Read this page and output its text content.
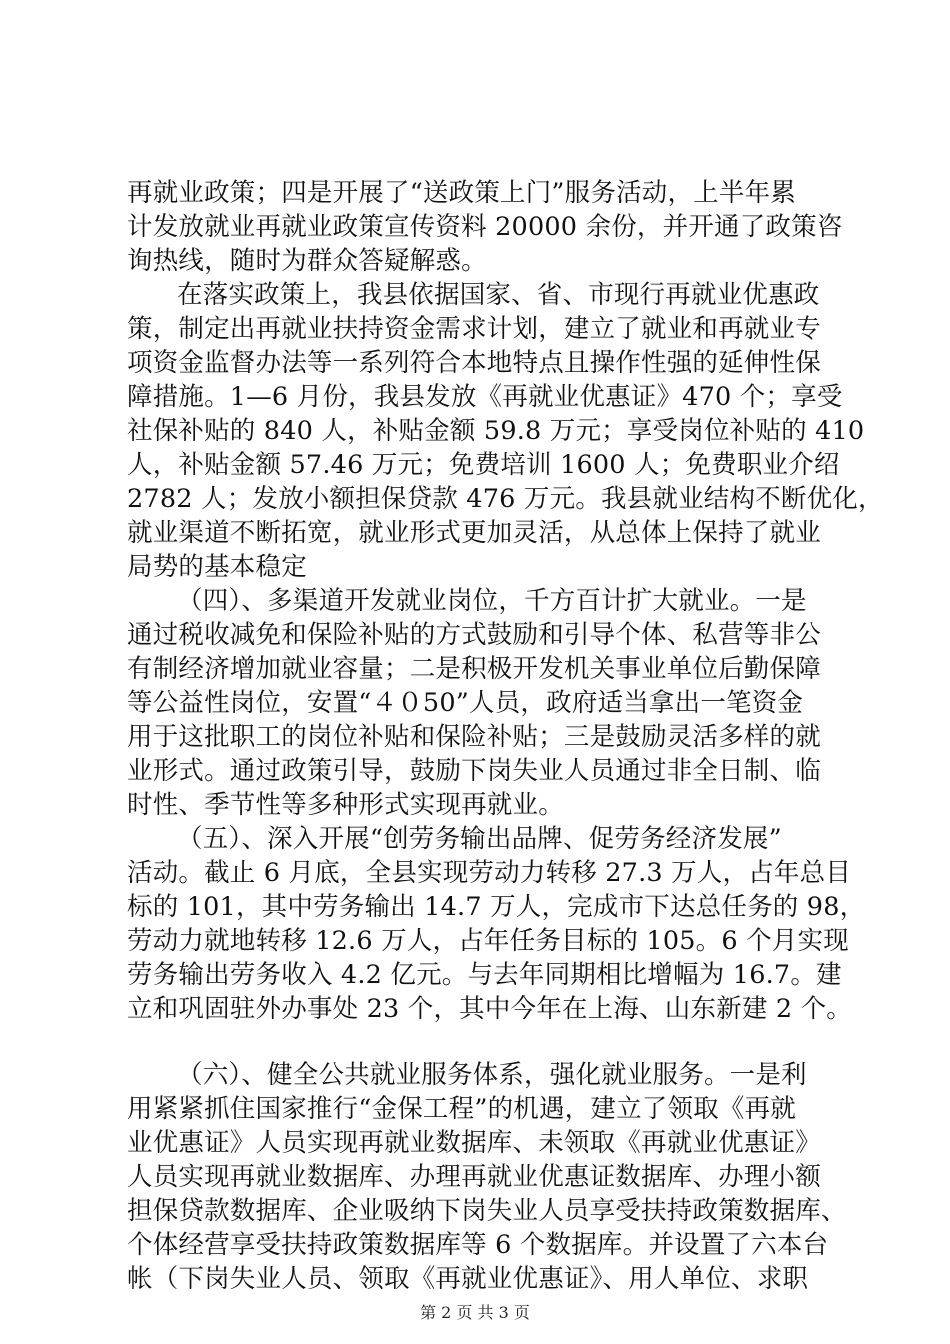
再就业政策；四是开展了“送政策上门”服务活动，上半年累

计发放就业再就业政策宣传资料 20000 余份，并开通了政策咨

询热线，随时为群众答疑解惑。

在落实政策上，我县依据国家、省、市现行再就业优惠政

策，制定出再就业扶持资金需求计划，建立了就业和再就业专

项资金监督办法等一系列符合本地特点且操作性强的延伸性保

障措施。1—6 月份，我县发放《再就业优惠证》470 个；享受

社保补贴的 840 人，补贴金额 59.8 万元；享受岗位补贴的 410

人，补贴金额 57.46 万元；免费培训 1600 人；免费职业介绍

2782 人；发放小额担保贷款 476 万元。我县就业结构不断优化，

就业渠道不断拓宽，就业形式更加灵活，从总体上保持了就业

局势的基本稳定

（四）、多渠道开发就业岗位，千方百计扩大就业。一是

通过税收减免和保险补贴的方式鼓励和引导个体、私营等非公

有制经济增加就业容量；二是积极开发机关事业单位后勤保障

等公益性岗位，安置“４０50”人员，政府适当拿出一笔资金

用于这批职工的岗位补贴和保险补贴；三是鼓励灵活多样的就

业形式。通过政策引导，鼓励下岗失业人员通过非全日制、临

时性、季节性等多种形式实现再就业。

（五）、深入开展“创劳务输出品牌、促劳务经济发展”

活动。截止 6 月底，全县实现劳动力转移 27.3 万人，占年总目

标的 101，其中劳务输出 14.7 万人，完成市下达总任务的 98，

劳动力就地转移 12.6 万人，占年任务目标的 105。6 个月实现

劳务输出劳务收入 4.2 亿元。与去年同期相比增幅为 16.7。建

立和巩固驻外办事处 23 个，其中今年在上海、山东新建 2 个。

（六）、健全公共就业服务体系，强化就业服务。一是利

用紧紧抓住国家推行“金保工程”的机遇，建立了领取《再就

业优惠证》人员实现再就业数据库、未领取《再就业优惠证》

人员实现再就业数据库、办理再就业优惠证数据库、办理小额

担保贷款数据库、企业吸纳下岗失业人员享受扶持政策数据库、

个体经营享受扶持政策数据库等 6 个数据库。并设置了六本台

帐（下岗失业人员、领取《再就业优惠证》、用人单位、求职

第 2 页 共 3 页
